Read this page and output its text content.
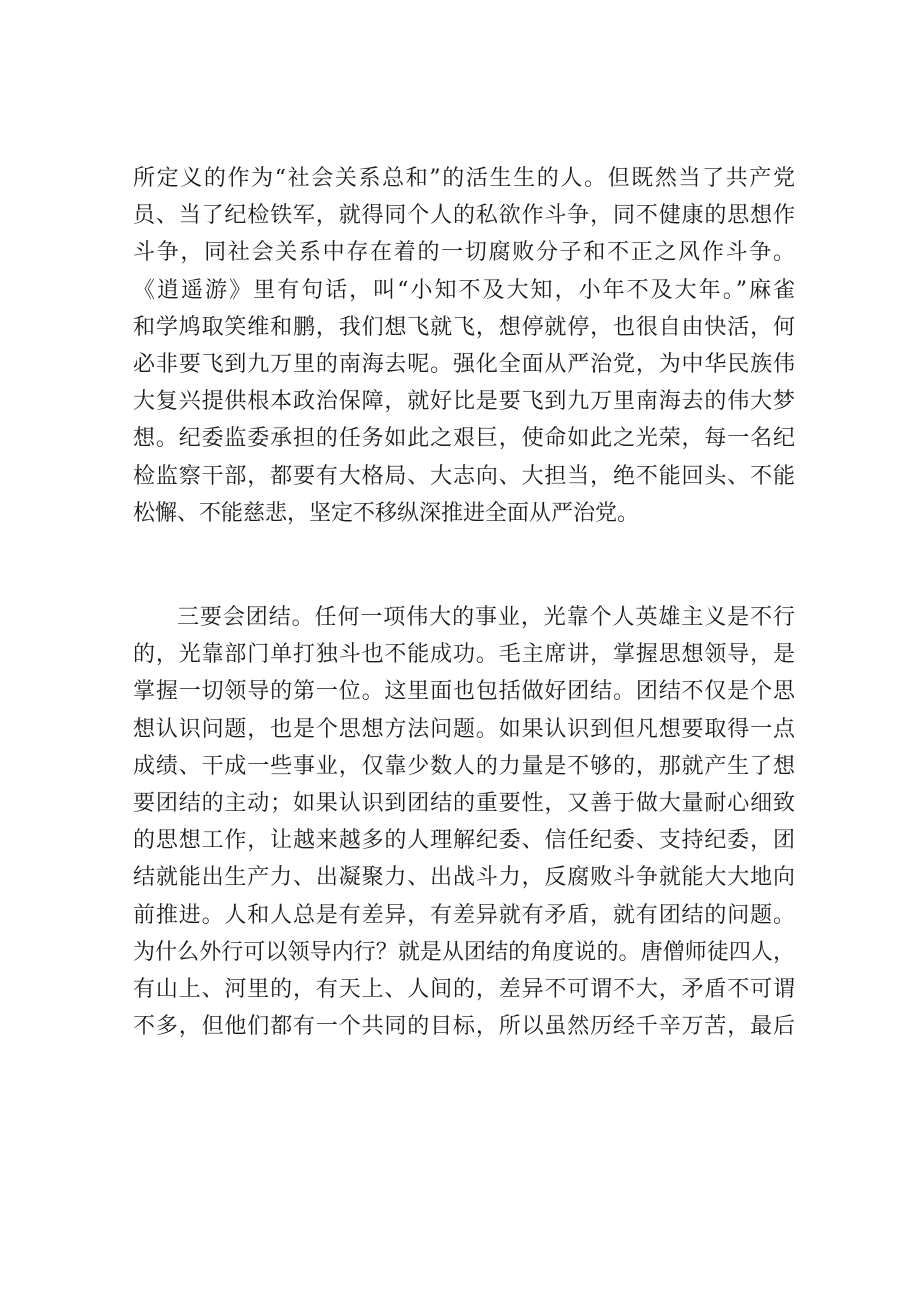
所定义的作为“社会关系总和”的活生生的人。但既然当了共产党
员、当了纪检铁军，就得同个人的私欲作斗争，同不健康的思想作
斗争，同社会关系中存在着的一切腐败分子和不正之风作斗争。
《逍遥游》里有句话，叫“小知不及大知，小年不及大年。”麻雀
和学鸠取笑维和鹏，我们想飞就飞，想停就停，也很自由快活，何
必非要飞到九万里的南海去呢。强化全面从严治党，为中华民族伟
大复兴提供根本政治保障，就好比是要飞到九万里南海去的伟大梦
想。纪委监委承担的任务如此之艰巨，使命如此之光荣，每一名纪
检监察干部，都要有大格局、大志向、大担当，绝不能回头、不能
松懈、不能慈悲，坚定不移纵深推进全面从严治党。
三要会团结。任何一项伟大的事业，光靠个人英雄主义是不行
的，光靠部门单打独斗也不能成功。毛主席讲，掌握思想领导，是
掌握一切领导的第一位。这里面也包括做好团结。团结不仅是个思
想认识问题，也是个思想方法问题。如果认识到但凡想要取得一点
成绩、干成一些事业，仅靠少数人的力量是不够的，那就产生了想
要团结的主动；如果认识到团结的重要性，又善于做大量耐心细致
的思想工作，让越来越多的人理解纪委、信任纪委、支持纪委，团
结就能出生产力、出凝聚力、出战斗力，反腐败斗争就能大大地向
前推进。人和人总是有差异，有差异就有矛盾，就有团结的问题。
为什么外行可以领导内行？就是从团结的角度说的。唐僧师徒四人，
有山上、河里的，有天上、人间的，差异不可谓不大，矛盾不可谓
不多，但他们都有一个共同的目标，所以虽然历经千辛万苦，最后
